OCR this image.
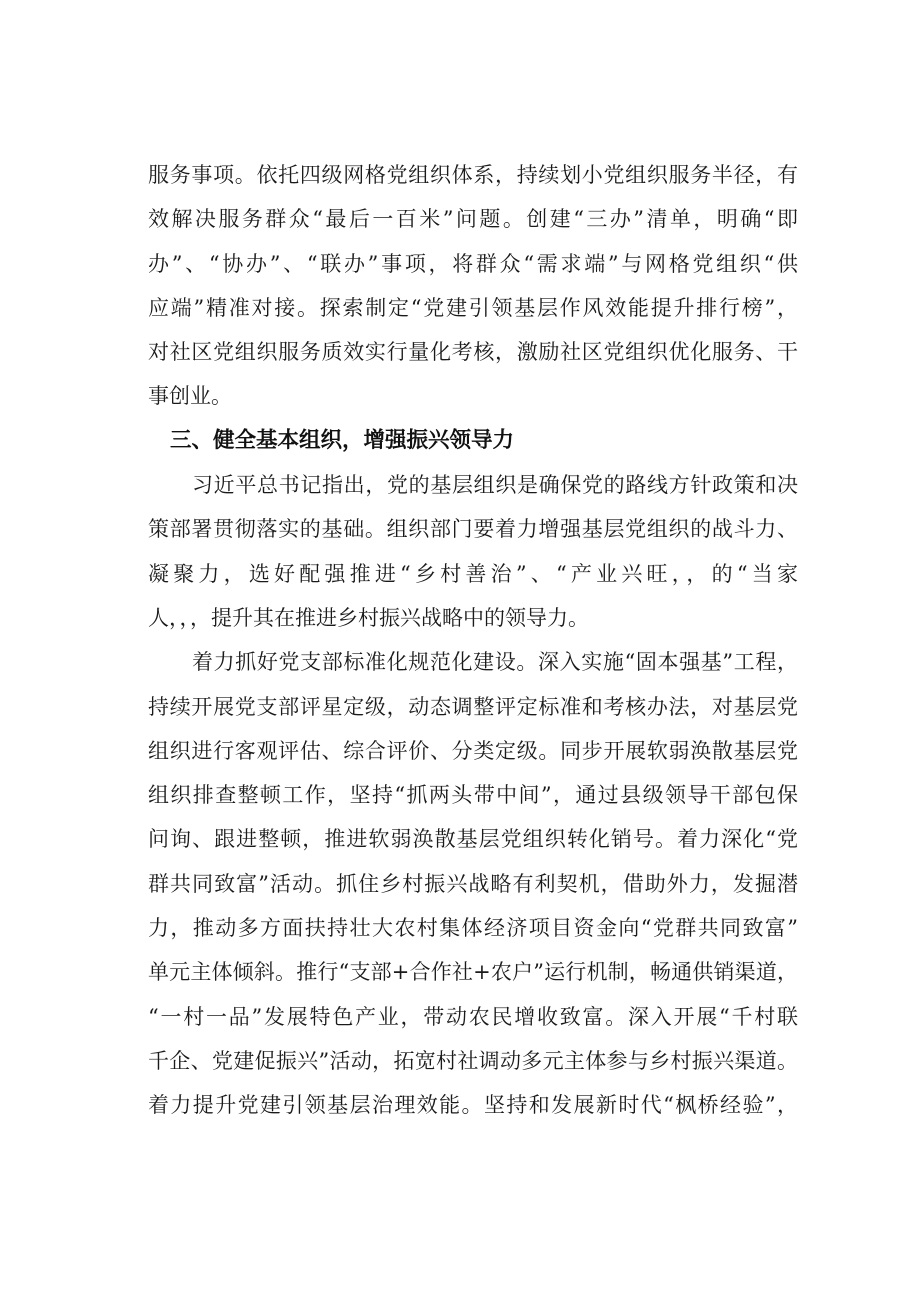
服务事项。依托四级网格党组织体系，持续划小党组织服务半径，有
效解决服务群众“最后一百米”问题。创建“三办”清单，明确“即
办”、“协办”、“联办”事项，将群众“需求端”与网格党组织“供
应端”精准对接。探索制定“党建引领基层作风效能提升排行榜”，
对社区党组织服务质效实行量化考核，激励社区党组织优化服务、干
事创业。
三、健全基本组织，增强振兴领导力
习近平总书记指出，党的基层组织是确保党的路线方针政策和决
策部署贯彻落实的基础。组织部门要着力增强基层党组织的战斗力、
凝聚力，选好配强推进“乡村善治”、“产业兴旺，，的“当家
人，，，提升其在推进乡村振兴战略中的领导力。
着力抓好党支部标准化规范化建设。深入实施“固本强基”工程，
持续开展党支部评星定级，动态调整评定标准和考核办法，对基层党
组织进行客观评估、综合评价、分类定级。同步开展软弱涣散基层党
组织排查整顿工作，坚持“抓两头带中间”，通过县级领导干部包保
问询、跟进整顿，推进软弱涣散基层党组织转化销号。着力深化“党
群共同致富”活动。抓住乡村振兴战略有利契机，借助外力，发掘潜
力，推动多方面扶持壮大农村集体经济项目资金向“党群共同致富”
单元主体倾斜。推行“支部+合作社+农户”运行机制，畅通供销渠道，
“一村一品”发展特色产业，带动农民增收致富。深入开展“千村联
千企、党建促振兴”活动，拓宽村社调动多元主体参与乡村振兴渠道。
着力提升党建引领基层治理效能。坚持和发展新时代“枫桥经验”，
